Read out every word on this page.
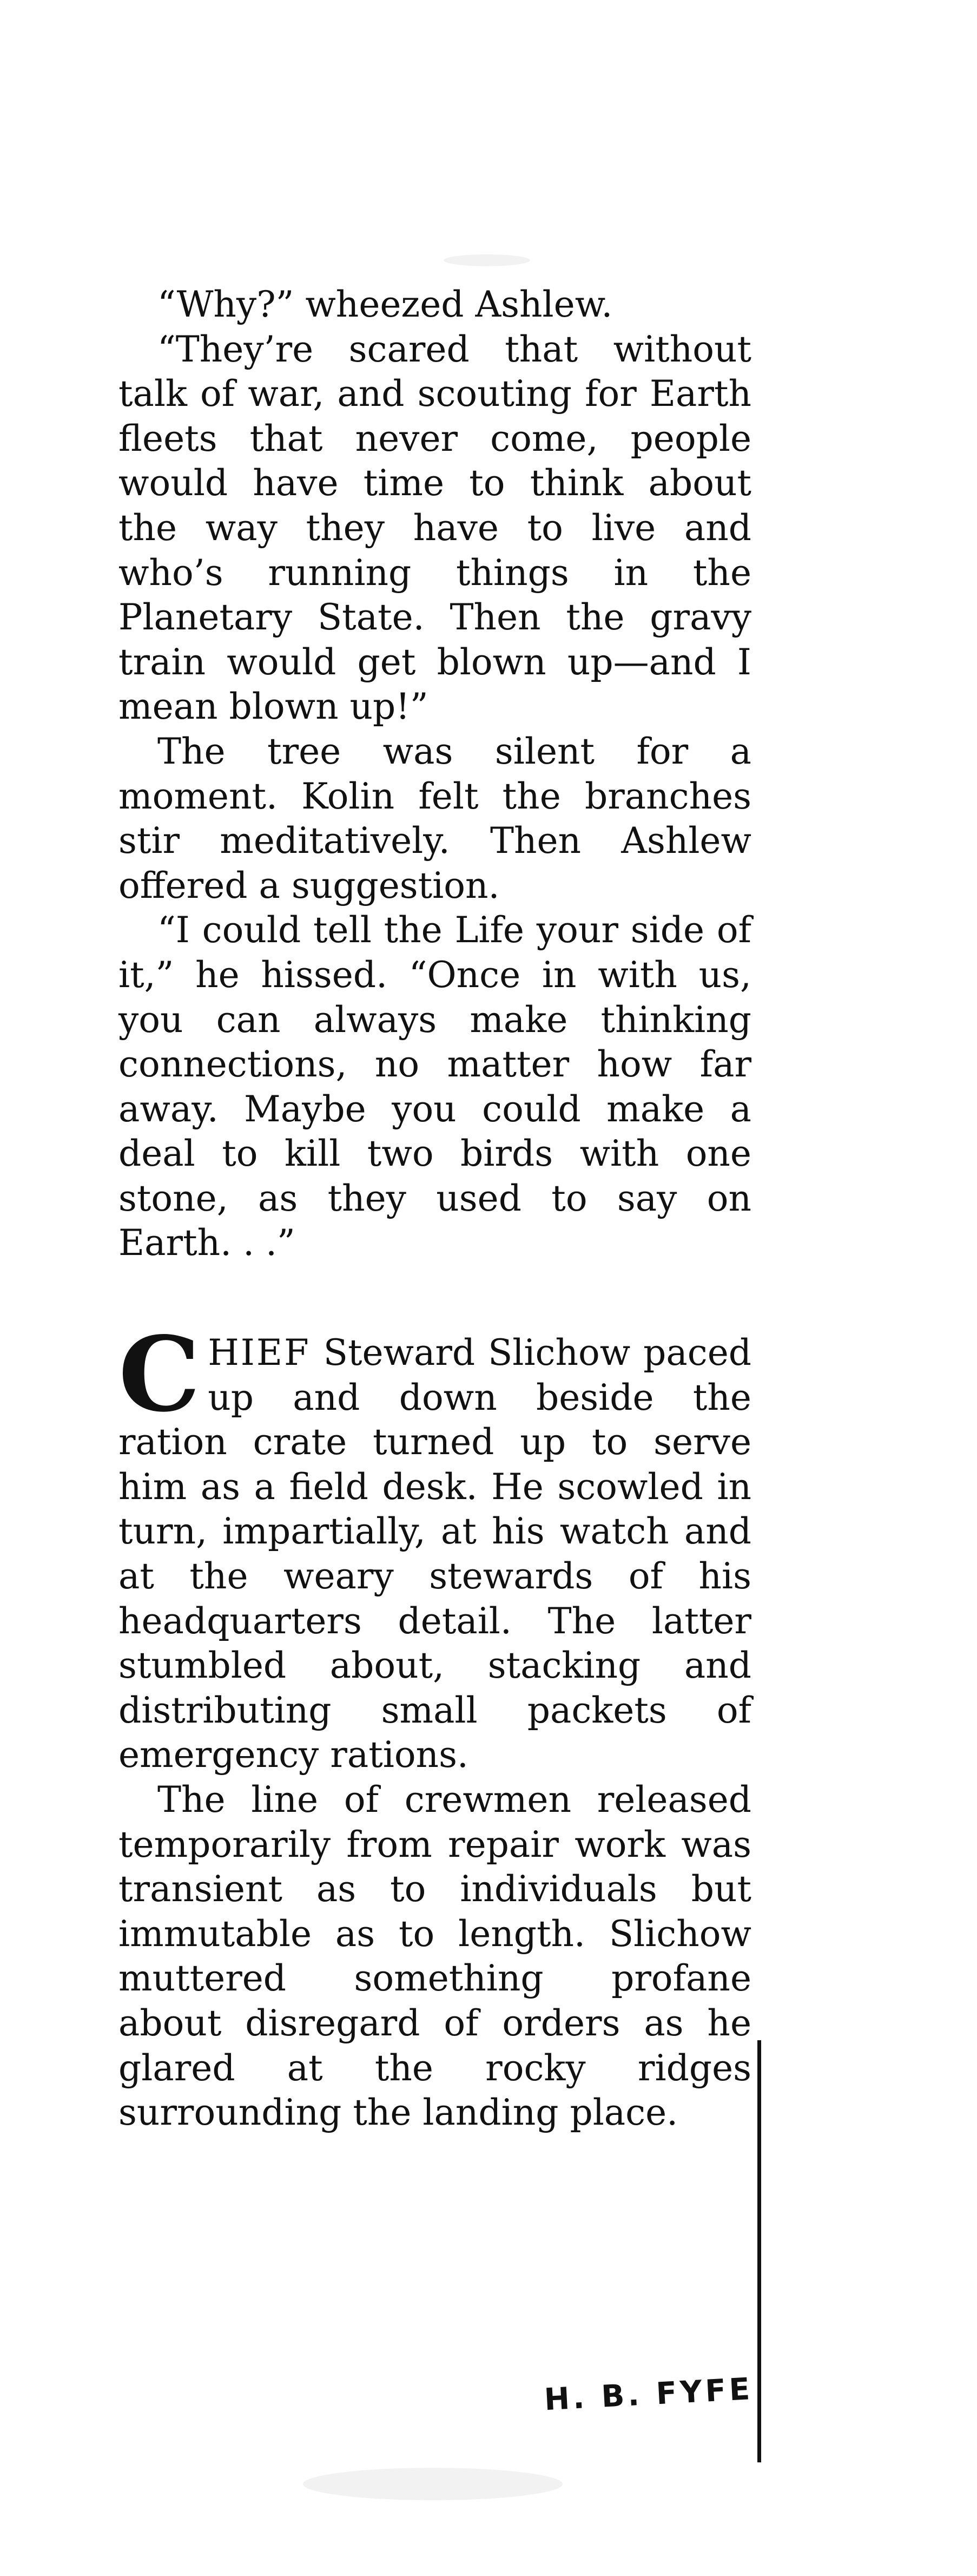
“Why?” wheezed Ashlew.

“They’re scared that without talk of war, and scouting for Earth fleets that never come, people would have time to think about the way they have to live and who’s running things in the Planetary State. Then the gravy train would get blown up—and I mean blown up!”

The tree was silent for a moment. Kolin felt the branches stir meditatively. Then Ashlew offered a suggestion.

“I could tell the Life your side of it,” he hissed. “Once in with us, you can always make thinking connections, no matter how far away. Maybe you could make a deal to kill two birds with one stone, as they used to say on Earth. . .”

CHIEF Steward Slichow paced up and down beside the ration crate turned up to serve him as a field desk. He scowled in turn, impartially, at his watch and at the weary stewards of his headquarters detail. The latter stumbled about, stacking and distributing small packets of emergency rations.

The line of crewmen released temporarily from repair work was transient as to individuals but immutable as to length. Slichow muttered something profane about disregard of orders as he glared at the rocky ridges surrounding the landing place.

H. B. FYFE
